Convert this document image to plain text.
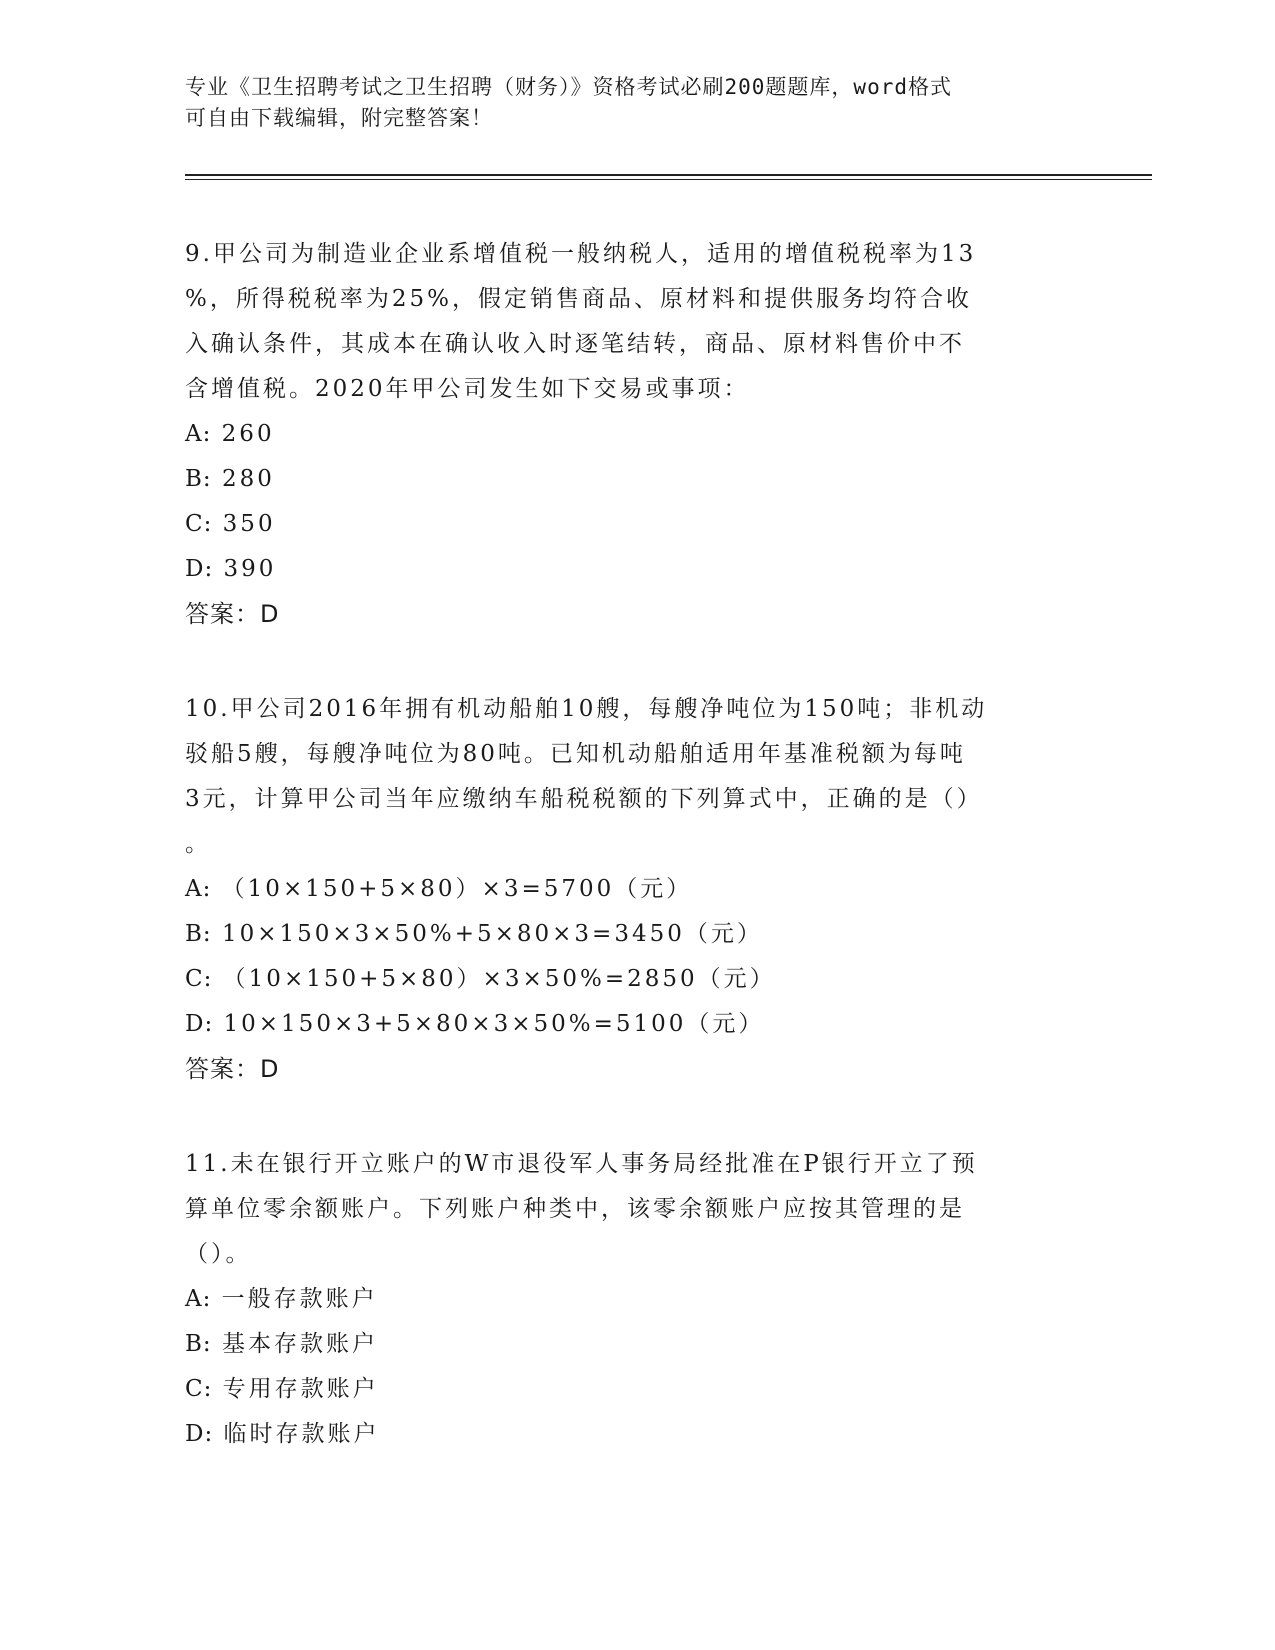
专业《卫生招聘考试之卫生招聘（财务）》资格考试必刷200题题库，word格式
可自由下载编辑，附完整答案！
9.甲公司为制造业企业系增值税一般纳税人，适用的增值税税率为13
%，所得税税率为25%，假定销售商品、原材料和提供服务均符合收
入确认条件，其成本在确认收入时逐笔结转，商品、原材料售价中不
含增值税。2020年甲公司发生如下交易或事项：
A: 260
B: 280
C: 350
D: 390
答案：D
10.甲公司2016年拥有机动船舶10艘，每艘净吨位为150吨；非机动
驳船5艘，每艘净吨位为80吨。已知机动船舶适用年基准税额为每吨
3元，计算甲公司当年应缴纳车船税税额的下列算式中，正确的是（）
。
A: （10×150+5×80）×3=5700（元）
B: 10×150×3×50%+5×80×3=3450（元）
C: （10×150+5×80）×3×50%=2850（元）
D: 10×150×3+5×80×3×50%=5100（元）
答案：D
11.未在银行开立账户的W市退役军人事务局经批准在P银行开立了预
算单位零余额账户。下列账户种类中，该零余额账户应按其管理的是
（）。
A: 一般存款账户
B: 基本存款账户
C: 专用存款账户
D: 临时存款账户
